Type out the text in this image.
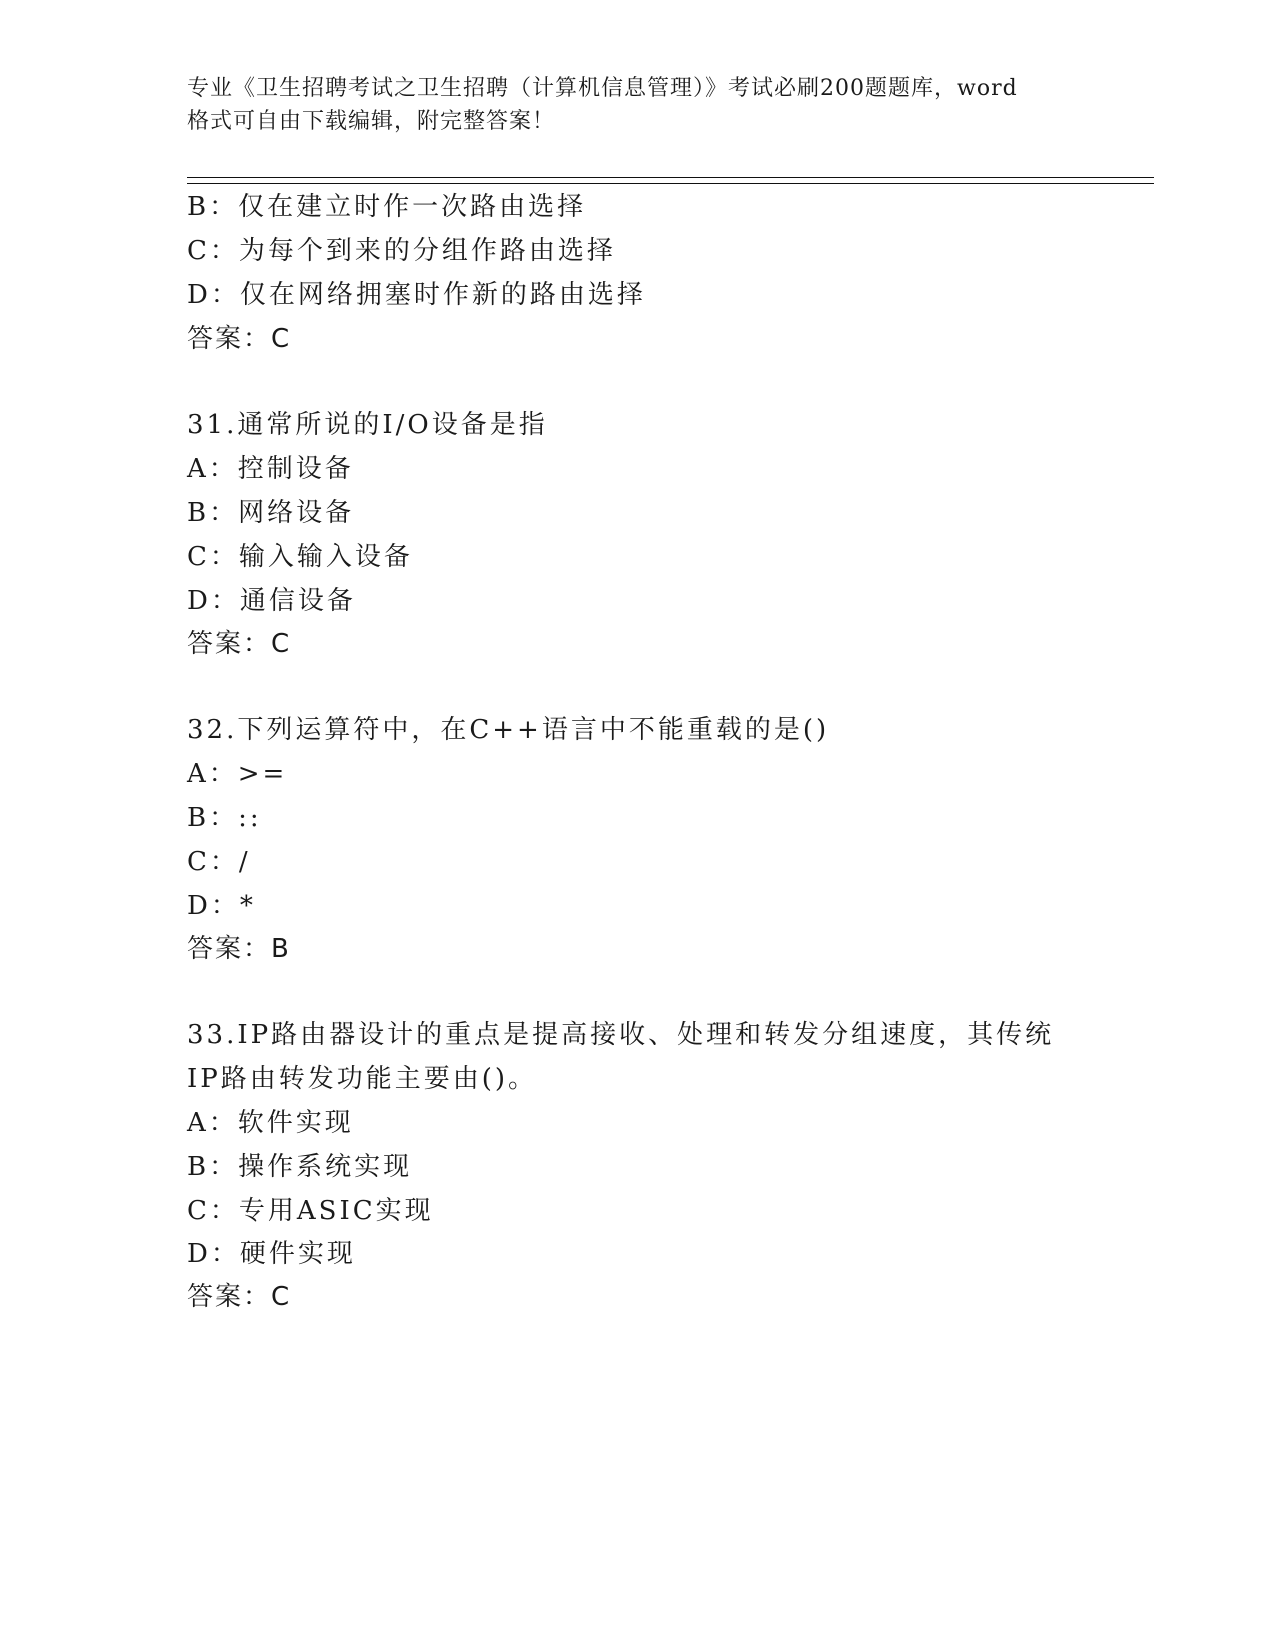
专业《卫生招聘考试之卫生招聘（计算机信息管理）》考试必刷200题题库，word
格式可自由下载编辑，附完整答案！
B：仅在建立时作一次路由选择
C：为每个到来的分组作路由选择
D：仅在网络拥塞时作新的路由选择
答案：C
31.通常所说的I/O设备是指
A：控制设备
B：网络设备
C：输入输入设备
D：通信设备
答案：C
32.下列运算符中，在C++语言中不能重载的是()
A：>=
B：::
C：/
D：*
答案：B
33.IP路由器设计的重点是提高接收、处理和转发分组速度，其传统
IP路由转发功能主要由()。
A：软件实现
B：操作系统实现
C：专用ASIC实现
D：硬件实现
答案：C
